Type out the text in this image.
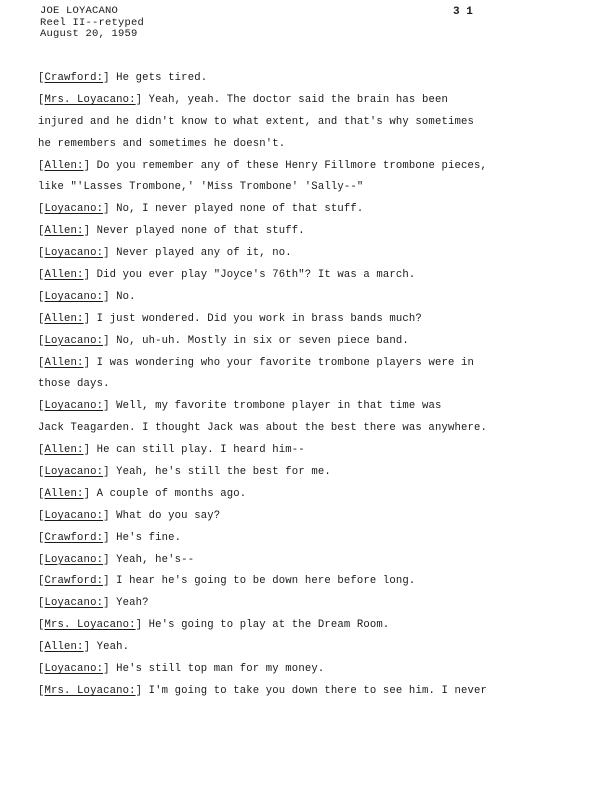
JOE LOYACANO
Reel II--retyped
August 20, 1959
3 1
[Crawford:] He gets tired.
[Mrs. Loyacano:] Yeah, yeah. The doctor said the brain has been
injured and he didn't know to what extent, and that's why sometimes
he remembers and sometimes he doesn't.
[Allen:] Do you remember any of these Henry Fillmore trombone pieces,
like "'Lasses Trombone,' 'Miss Trombone' 'Sally--"
[Loyacano:] No, I never played none of that stuff.
[Allen:] Never played none of that stuff.
[Loyacano:] Never played any of it, no.
[Allen:] Did you ever play "Joyce's 76th"? It was a march.
[Loyacano:] No.
[Allen:] I just wondered. Did you work in brass bands much?
[Loyacano:] No, uh-uh. Mostly in six or seven piece band.
[Allen:] I was wondering who your favorite trombone players were in
those days.
[Loyacano:] Well, my favorite trombone player in that time was
Jack Teagarden. I thought Jack was about the best there was anywhere.
[Allen:] He can still play. I heard him--
[Loyacano:] Yeah, he's still the best for me.
[Allen:] A couple of months ago.
[Loyacano:] What do you say?
[Crawford:] He's fine.
[Loyacano:] Yeah, he's--
[Crawford:] I hear he's going to be down here before long.
[Loyacano:] Yeah?
[Mrs. Loyacano:] He's going to play at the Dream Room.
[Allen:] Yeah.
[Loyacano:] He's still top man for my money.
[Mrs. Loyacano:] I'm going to take you down there to see him. I never
